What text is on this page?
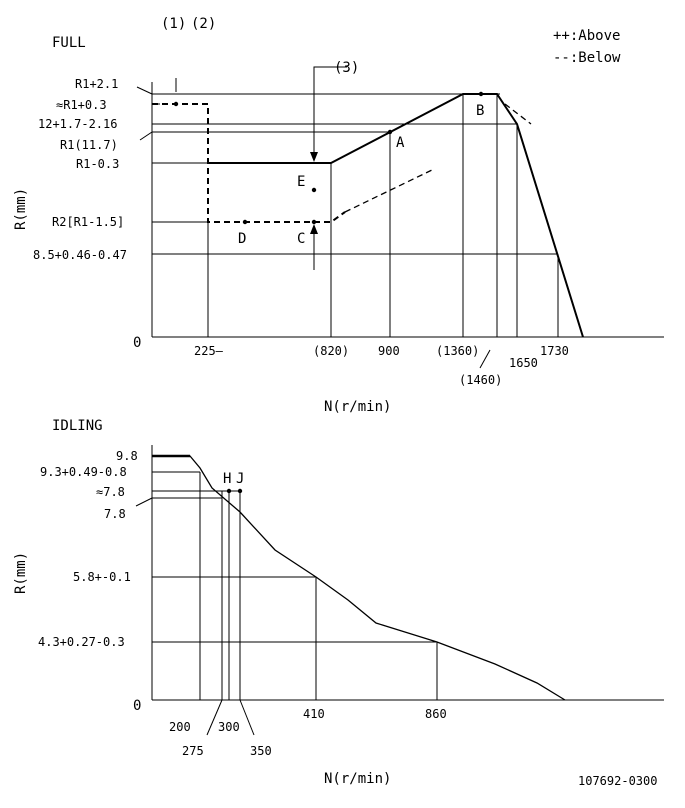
FULL
(1) (2)
++:Above
--:Below
(3)
A
B
C
D
E
R1+2.1
≈R1+0.3
12+1.7-2.16
R1(11.7)
R1-0.3
R2[R1-1.5]
8.5+0.46-0.47
0
R(mm)
225—	(820) 900	(1360)
(1460)
1650
1730
N(r/min)
IDLING
H J
9.8
9.3+0.49-0.8
≈7.8
7.8
5.8+-0.1
4.3+0.27-0.3
0
R(mm)
200
275
300
350
410	860
N(r/min)	107692-0300
